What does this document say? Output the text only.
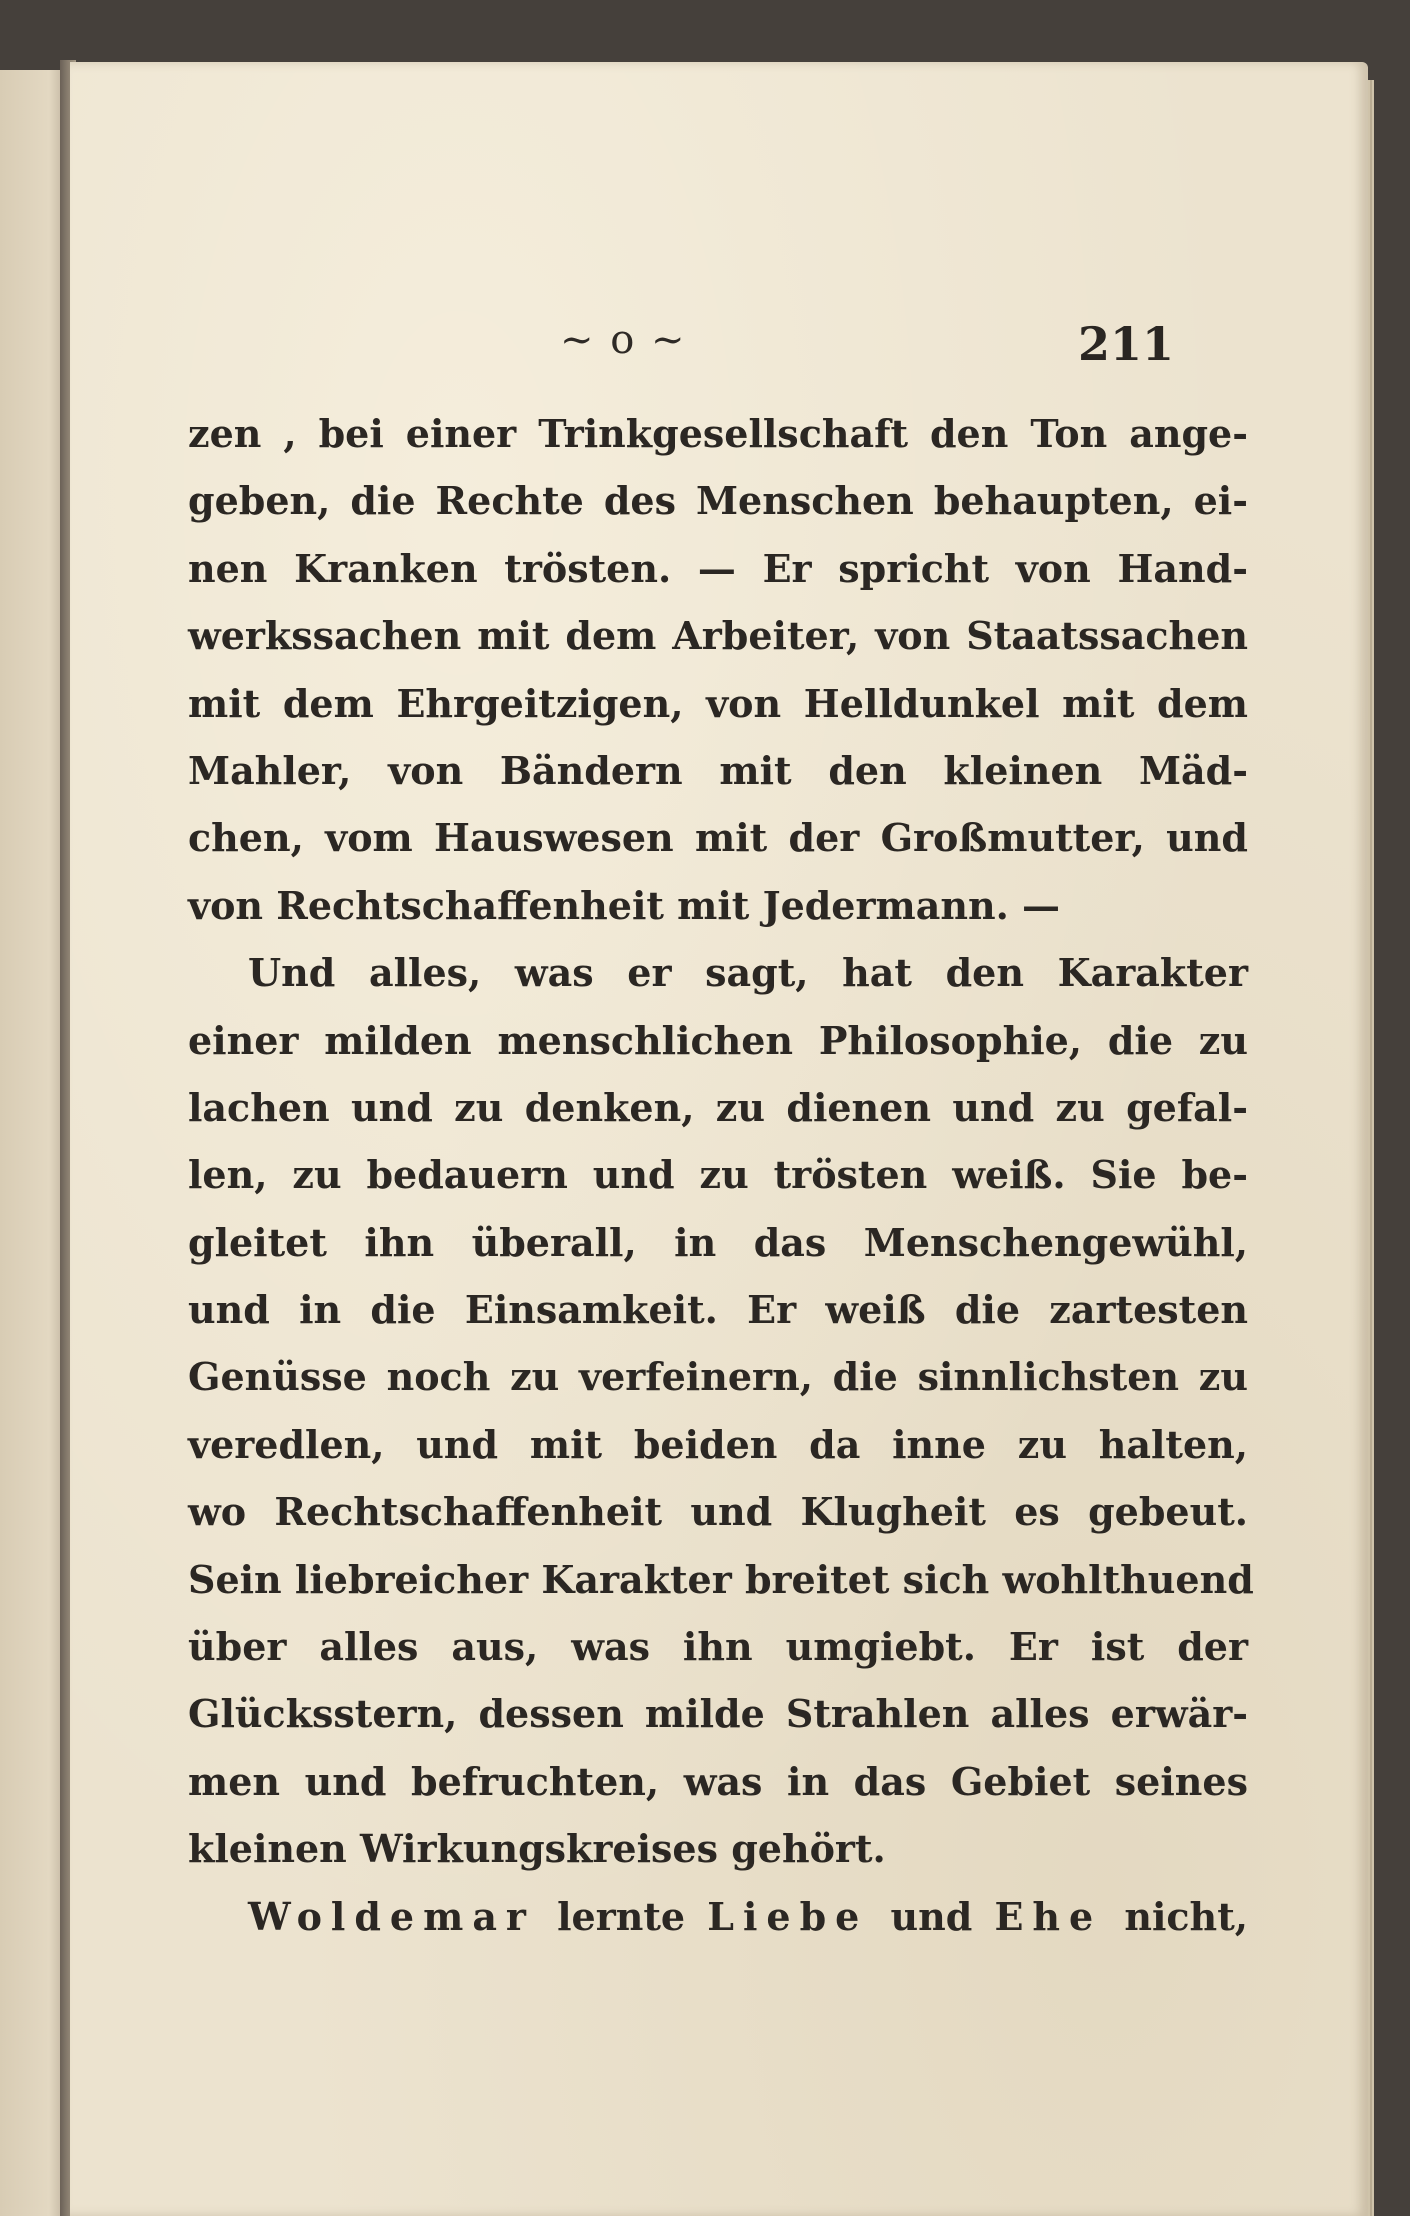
~ o ~	211
zen , bei einer Trinkgesellschaft den Ton ange-
geben, die Rechte des Menschen behaupten, ei-
nen Kranken trösten. — Er spricht von Hand-
werkssachen mit dem Arbeiter, von Staatssachen
mit dem Ehrgeitzigen, von Helldunkel mit dem
Mahler, von Bändern mit den kleinen Mäd-
chen, vom Hauswesen mit der Großmutter, und
von Rechtschaffenheit mit Jedermann. —
Und alles, was er sagt, hat den Karakter
einer milden menschlichen Philosophie, die zu
lachen und zu denken, zu dienen und zu gefal-
len, zu bedauern und zu trösten weiß. Sie be-
gleitet ihn überall, in das Menschengewühl,
und in die Einsamkeit. Er weiß die zartesten
Genüsse noch zu verfeinern, die sinnlichsten zu
veredlen, und mit beiden da inne zu halten,
wo Rechtschaffenheit und Klugheit es gebeut.
Sein liebreicher Karakter breitet sich wohlthuend
über alles aus, was ihn umgiebt. Er ist der
Glücksstern, dessen milde Strahlen alles erwär-
men und befruchten, was in das Gebiet seines
kleinen Wirkungskreises gehört.
Woldemar lernte Liebe und Ehe nicht,
